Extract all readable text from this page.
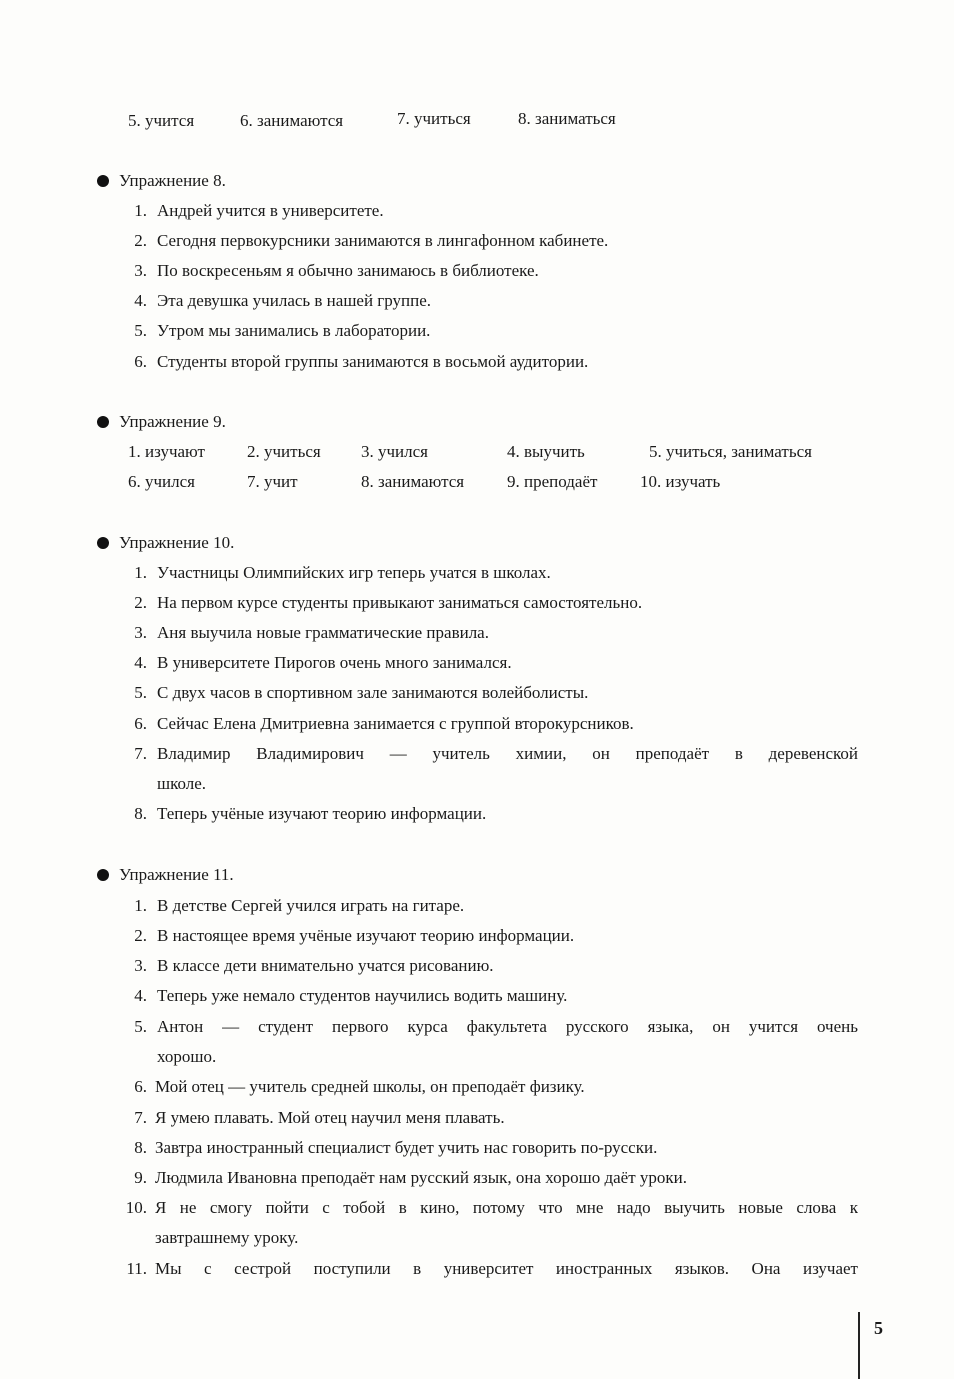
5. учится	6. занимаются	7. учиться	8. заниматься
Упражнение 8.
1. Андрей учится в университете.
2. Сегодня первокурсники занимаются в лингафонном кабинете.
3. По воскресеньям я обычно занимаюсь в библиотеке.
4. Эта девушка училась в нашей группе.
5. Утром мы занимались в лаборатории.
6. Студенты второй группы занимаются в восьмой аудитории.
Упражнение 9.
1. изучают 2. учиться 3. учился	4. выучить	5. учиться, заниматься
6. учился	7. учит	8. занимаются	9. преподаёт	10. изучать
Упражнение 10.
1. Участницы Олимпийских игр теперь учатся в школах.
2. На первом курсе студенты привыкают заниматься самостоятельно.
3. Аня выучила новые грамматические правила.
4. В университете Пирогов очень много занимался.
5. С двух часов в спортивном зале занимаются волейболисты.
6. Сейчас Елена Дмитриевна занимается с группой второкурсников.
7. Владимир Владимирович — учитель химии, он преподаёт в деревенской
школе.
8. Теперь учёные изучают теорию информации.
Упражнение 11.
1. В детстве Сергей учился играть на гитаре.
2. В настоящее время учёные изучают теорию информации.
3. В классе дети внимательно учатся рисованию.
4. Теперь уже немало студентов научились водить машину.
5. Антон — студент первого курса факультета русского языка, он учится очень
хорошо.
6. Мой отец — учитель средней школы, он преподаёт физику.
7. Я умею плавать. Мой отец научил меня плавать.
8. Завтра иностранный специалист будет учить нас говорить по-русски.
9. Людмила Ивановна преподаёт нам русский язык, она хорошо даёт уроки.
10. Я не смогу пойти с тобой в кино, потому что мне надо выучить новые слова к
завтрашнему уроку.
11. Мы с сестрой поступили в университет иностранных языков. Она изучает
5
